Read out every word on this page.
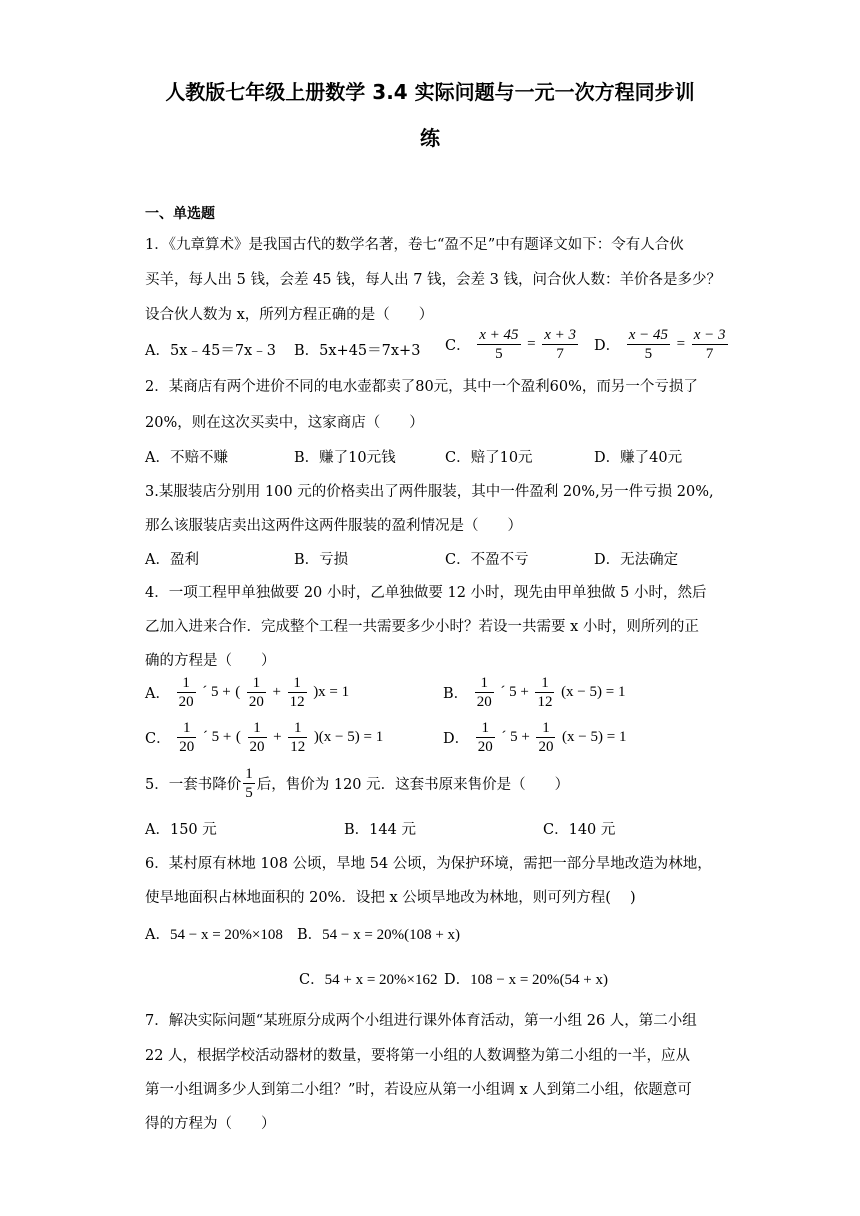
人教版七年级上册数学 3.4 实际问题与一元一次方程同步训
练
一、单选题
1．《九章算术》是我国古代的数学名著，卷七“盈不足”中有题译文如下：令有人合伙
买羊，每人出 5 钱，会差 45 钱，每人出 7 钱，会差 3 钱，问合伙人数：羊价各是多少？
设合伙人数为 x，所列方程正确的是（　　）
A．5x﹣45＝7x﹣3 B．5x+45＝7x+3 C． $\frac{x + 45}{5} = \frac{x + 3}{7}$ D． $\frac{x - 45}{5} = \frac{x - 3}{7}$
2．某商店有两个进价不同的电水壶都卖了80元，其中一个盈利60%，而另一个亏损了
20%，则在这次买卖中，这家商店（　　）
A．不赔不赚	B．赚了10元钱	C．赔了10元	D．赚了40元
3.某服装店分别用 100 元的价格卖出了两件服装，其中一件盈利 20%,另一件亏损 20%,
那么该服装店卖出这两件这两件服装的盈利情况是（　　）
A．盈利	B．亏损	C．不盈不亏	D．无法确定
4．一项工程甲单独做要 20 小时，乙单独做要 12 小时，现先由甲单独做 5 小时，然后
乙加入进来合作．完成整个工程一共需要多少小时？若设一共需要 x 小时，则所列的正
确的方程是（　　）
A． $\frac{1}{20}$ ´ 5 + ( $\frac{1}{20} + \frac{1}{12} )x = 1$	B． $\frac{1}{20}$ ´ $5 + \frac{1}{12} (x - 5) = 1$
C． $\frac{1}{20}$ ´ 5 + ( $\frac{1}{20} + \frac{1}{12} )(x - 5) = 1$	D． $\frac{1}{20}$ ´ $5 + \frac{1}{20} (x - 5) = 1$
5．一套书降价 $\frac{1}{5}$ 后，售价为 120 元．这套书原来售价是（　　）
A．150 元	B．144 元	C．140 元
6．某村原有林地 108 公顷，旱地 54 公顷，为保护环境，需把一部分旱地改造为林地，
使旱地面积占林地面积的 20%．设把 x 公顷旱地改为林地，则可列方程(　 )
A．54 − x = 20%×108 B．54 − x = 20%(108 + x)
C．54 + x = 20%×162 D．108 − x = 20%(54 + x)
7．解决实际问题“某班原分成两个小组进行课外体育活动，第一小组 26 人，第二小组
22 人，根据学校活动器材的数量，要将第一小组的人数调整为第二小组的一半，应从
第一小组调多少人到第二小组？”时，若设应从第一小组调 x 人到第二小组，依题意可
得的方程为（　　）
